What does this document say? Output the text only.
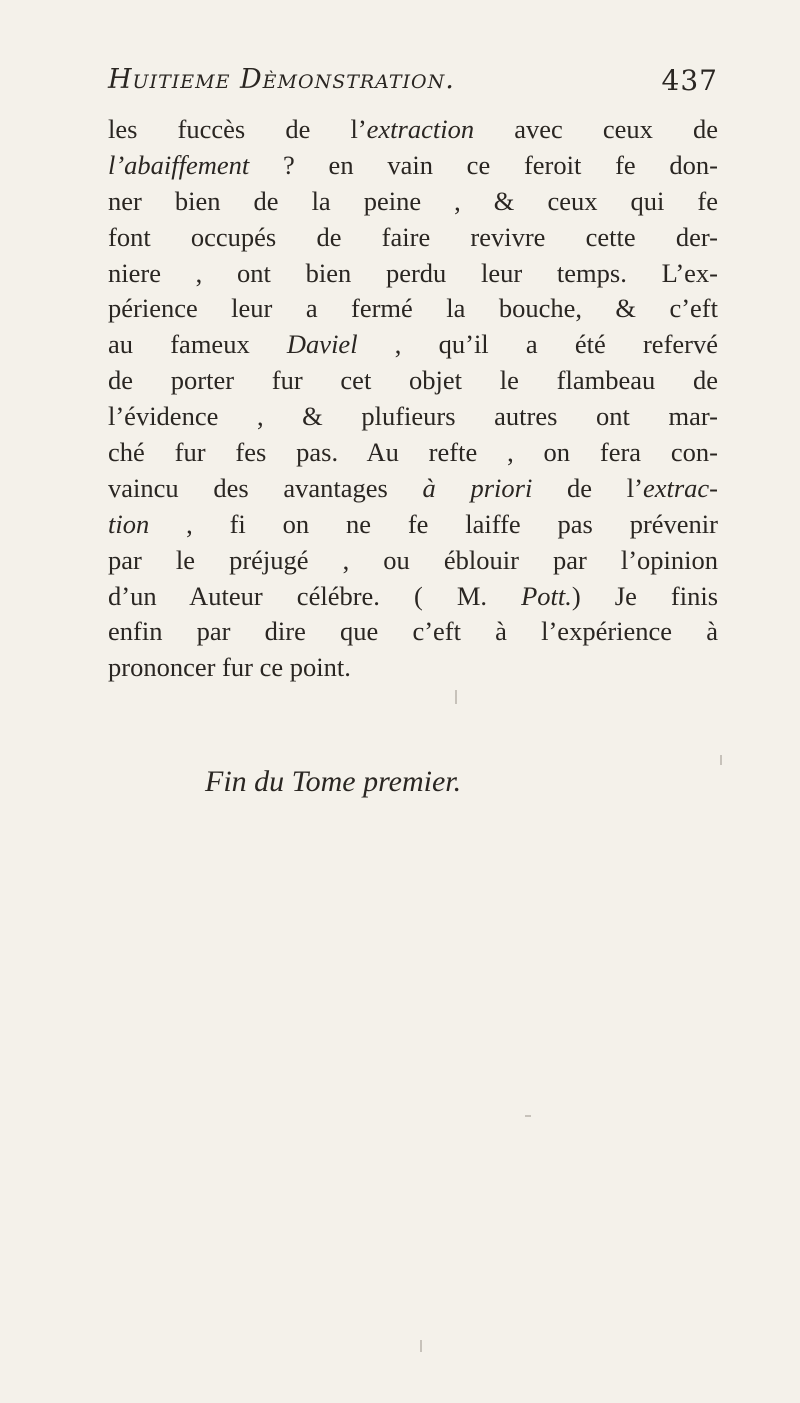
Huitieme Dèmonstration.	437
les fuccès de l’extraction avec ceux de
l’abaiffement ? en vain ce feroit fe don-
ner bien de la peine , & ceux qui fe
font occupés de faire revivre cette der-
niere , ont bien perdu leur temps. L’ex-
périence leur a fermé la bouche, & c’eft
au fameux Daviel , qu’il a été refervé
de porter fur cet objet le flambeau de
l’évidence , & plufieurs autres ont mar-
ché fur fes pas. Au refte , on fera con-
vaincu des avantages à priori de l’extrac-
tion , fi on ne fe laiffe pas prévenir
par le préjugé , ou éblouir par l’opinion
d’un Auteur célébre. ( M. Pott.) Je finis
enfin par dire que c’eft à l’expérience à
prononcer fur ce point.
Fin du Tome premier.
